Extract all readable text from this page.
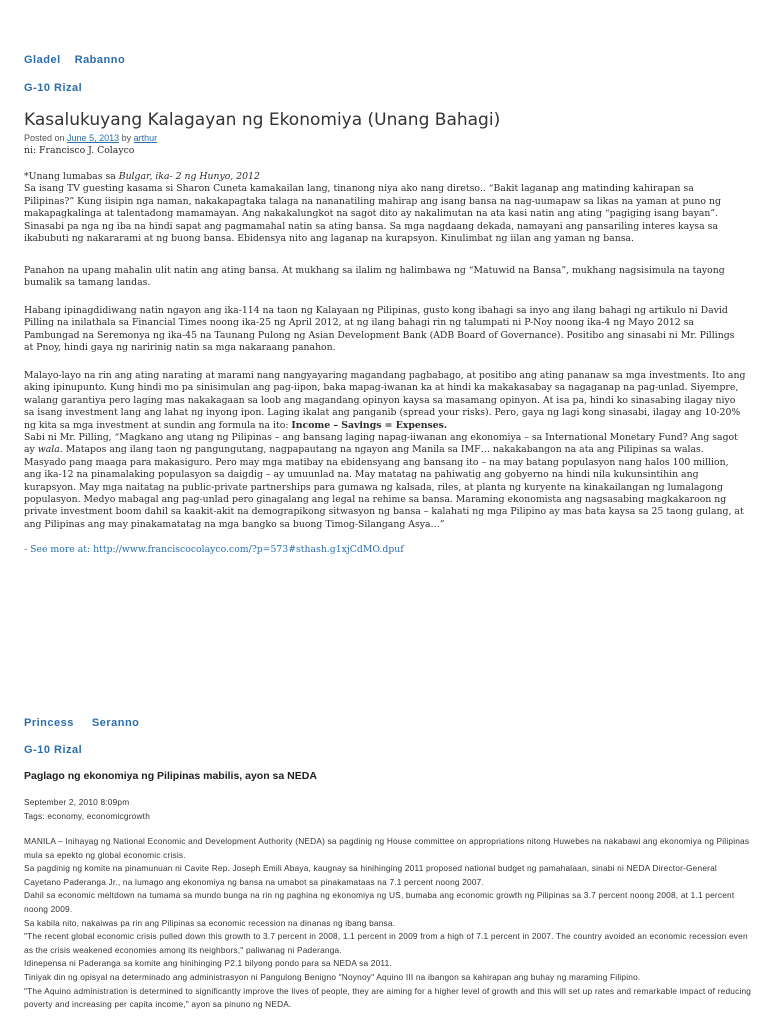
Gladel Rabanno
G-10 Rizal
Kasalukuyang Kalagayan ng Ekonomiya (Unang Bahagi)
Posted on June 5, 2013 by arthur
ni: Francisco J. Colayco

*Unang lumabas sa Bulgar, ika- 2 ng Hunyo, 2012
Sa isang TV guesting kasama si Sharon Cuneta kamakailan lang, tinanong niya ako nang diretso.. “Bakit laganap ang matinding kahirapan sa Pilipinas?” Kung iisipin nga naman, nakakapagtaka talaga na nananatiling mahirap ang isang bansa na nag-uumapaw sa likas na yaman at puno ng makapagkalinga at talentadong mamamayan. Ang nakakalungkot na sagot dito ay nakalimutan na ata kasi natin ang ating “pagiging isang bayan”. Sinasabi pa nga ng iba na hindi sapat ang pagmamahal natin sa ating bansa. Sa mga nagdaang dekada, namayani ang pansariling interes kaysa sa ikabubuti ng nakararami at ng buong bansa. Ebidensya nito ang laganap na kurapsyon. Kinulimbat ng iilan ang yaman ng bansa.

Panahon na upang mahalin ulit natin ang ating bansa. At mukhang sa ilalim ng halimbawa ng “Matuwid na Bansa”, mukhang nagsisimula na tayong bumalik sa tamang landas.

Habang ipinagdidiwang natin ngayon ang ika-114 na taon ng Kalayaan ng Pilipinas, gusto kong ibahagi sa inyo ang ilang bahagi ng artikulo ni David Pilling na inilathala sa Financial Times noong ika-25 ng April 2012, at ng ilang bahagi rin ng talumpati ni P-Noy noong ika-4 ng Mayo 2012 sa Pambungad na Seremonya ng ika-45 na Taunang Pulong ng Asian Development Bank (ADB Board of Governance). Positibo ang sinasabi ni Mr. Pillings at Pnoy, hindi gaya ng naririnig natin sa mga nakaraang panahon.

Malayo-layo na rin ang ating narating at marami nang nangyayaring magandang pagbabago, at positibo ang ating pananaw sa mga investments. Ito ang aking ipinupunto. Kung hindi mo pa sinisimulan ang pag-iipon, baka mapag-iwanan ka at hindi ka makakasabay sa nagaganap na pag-unlad. Siyempre, walang garantiya pero laging mas nakakagaan sa loob ang magandang opinyon kaysa sa masamang opinyon. At isa pa, hindi ko sinasabing ilagay niyo sa isang investment lang ang lahat ng inyong ipon. Laging ikalat ang panganib (spread your risks). Pero, gaya ng lagi kong sinasabi, ilagay ang 10-20% ng kita sa mga investment at sundin ang formula na ito: Income – Savings = Expenses.
Sabi ni Mr. Pilling, “Magkano ang utang ng Pilipinas – ang bansang laging napag-iiwanan ang ekonomiya – sa International Monetary Fund? Ang sagot ay wala. Matapos ang ilang taon ng pangungutang, nagpapautang na ngayon ang Manila sa IMF… nakakabangon na ata ang Pilipinas sa walas. Masyado pang maaga para makasiguro. Pero may mga matibay na ebidensyang ang bansang ito – na may batang populasyon nang halos 100 million, ang ika-12 na pinamalaking populasyon sa daigdig – ay umuunlad na. May matatag na pahiwatig ang gobyerno na hindi nila kukunsintihin ang kurapsyon. May mga naitatag na public-private partnerships para gumawa ng kalsada, riles, at planta ng kuryente na kinakailangan ng lumalagong populasyon. Medyo mabagal ang pag-unlad pero ginagalang ang legal na rehime sa bansa. Maraming ekonomista ang nagsasabing magkakaroon ng private investment boom dahil sa kaakit-akit na demograpikong sitwasyon ng bansa – kalahati ng mga Pilipino ay mas bata kaysa sa 25 taong gulang, at ang Pilipinas ang may pinakamatatag na mga bangko sa buong Timog-Silangang Asya…”

- See more at: http://www.franciscocolayco.com/?p=573#sthash.g1xjCdMO.dpuf
Princess Seranno
G-10 Rizal
Paglago ng ekonomiya ng Pilipinas mabilis, ayon sa NEDA
September 2, 2010 8:09pm
Tags: economy, economicgrowth

MANILA – Inihayag ng National Economic and Development Authority (NEDA) sa pagdinig ng House committee on appropriations nitong Huwebes na nakabawi ang ekonomiya ng Pilipinas mula sa epekto ng global economic crisis.

Sa pagdinig ng komite na pinamunuan ni Cavite Rep. Joseph Emili Abaya, kaugnay sa hinihinging 2011 proposed national budget ng pamahalaan, sinabi ni NEDA Director-General Cayetano Paderanga Jr., na lumago ang ekonomiya ng bansa na umabot sa pinakamataas na 7.1 percent noong 2007.

Dahil sa economic meltdown na tumama sa mundo bunga na rin ng paghina ng ekonomiya ng US, bumaba ang economic growth ng Pilipinas sa 3.7 percent noong 2008, at 1.1 percent noong 2009.

Sa kabila nito, nakaiwas pa rin ang Pilipinas sa economic recession na dinanas ng ibang bansa.

"The recent global economic crisis pulled down this growth to 3.7 percent in 2008, 1.1 percent in 2009 from a high of 7.1 percent in 2007. The country avoided an economic recession even as the crisis weakened economies among its neighbors," paliwanag ni Paderanga.

Idinepensa ni Paderanga sa komite ang hinihinging P2.1 bilyong pondo para sa NEDA sa 2011.

Tiniyak din ng opisyal na determinado ang administrasyon ni Pangulong Benigno "Noynoy" Aquino III na ibangon sa kahirapan ang buhay ng maraming Filipino.

"The Aquino administration is determined to significantly improve the lives of people, they are aiming for a higher level of growth and this will set up rates and remarkable impact of reducing poverty and increasing per capita income," ayon sa pinuno ng NEDA.
